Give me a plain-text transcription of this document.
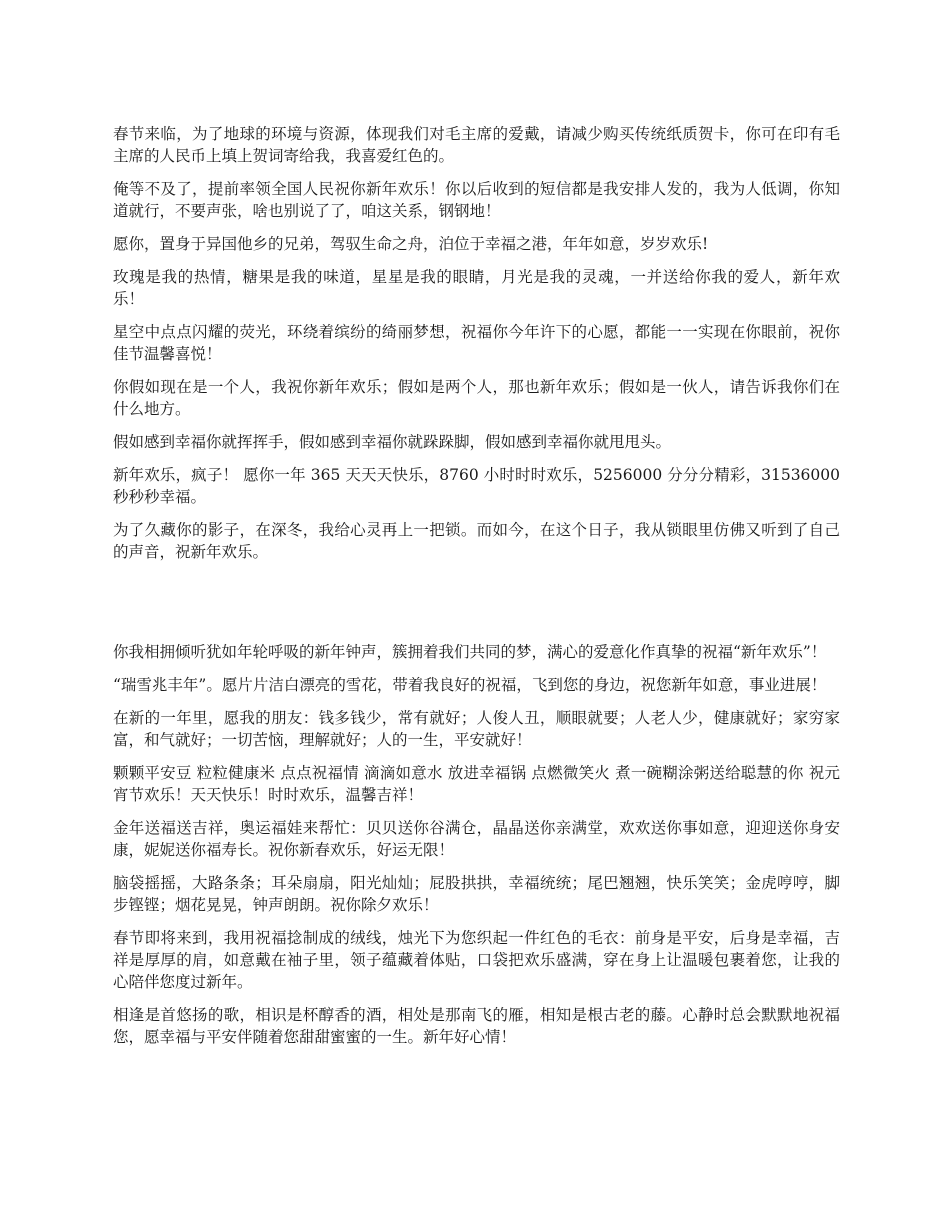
春节来临，为了地球的环境与资源，体现我们对毛主席的爱戴，请减少购买传统纸质贺卡，你可在印有毛主席的人民币上填上贺词寄给我，我喜爱红色的。

俺等不及了，提前率领全国人民祝你新年欢乐！你以后收到的短信都是我安排人发的，我为人低调，你知道就行，不要声张，啥也别说了了，咱这关系，钢钢地！

愿你，置身于异国他乡的兄弟，驾驭生命之舟，泊位于幸福之港，年年如意，岁岁欢乐!

玫瑰是我的热情，糖果是我的味道，星星是我的眼睛，月光是我的灵魂，一并送给你我的爱人，新年欢乐！

星空中点点闪耀的荧光，环绕着缤纷的绮丽梦想，祝福你今年许下的心愿，都能一一实现在你眼前，祝你佳节温馨喜悦！

你假如现在是一个人，我祝你新年欢乐；假如是两个人，那也新年欢乐；假如是一伙人，请告诉我你们在什么地方。

假如感到幸福你就挥挥手，假如感到幸福你就跺跺脚，假如感到幸福你就甩甩头。

新年欢乐，疯子！ 愿你一年 365 天天天快乐，8760 小时时时欢乐，5256000 分分分精彩，31536000 秒秒秒幸福。

为了久藏你的影子，在深冬，我给心灵再上一把锁。而如今，在这个日子，我从锁眼里仿佛又听到了自己的声音，祝新年欢乐。

你我相拥倾听犹如年轮呼吸的新年钟声，簇拥着我们共同的梦，满心的爱意化作真挚的祝福“新年欢乐”！

“瑞雪兆丰年”。愿片片洁白漂亮的雪花，带着我良好的祝福，飞到您的身边，祝您新年如意，事业进展！

在新的一年里，愿我的朋友：钱多钱少，常有就好；人俊人丑，顺眼就要；人老人少，健康就好；家穷家富，和气就好；一切苦恼，理解就好；人的一生，平安就好！

颗颗平安豆 粒粒健康米 点点祝福情 滴滴如意水 放进幸福锅 点燃微笑火 煮一碗糊涂粥送给聪慧的你 祝元宵节欢乐！天天快乐！时时欢乐，温馨吉祥！

金年送福送吉祥，奥运福娃来帮忙：贝贝送你谷满仓，晶晶送你亲满堂，欢欢送你事如意，迎迎送你身安康，妮妮送你福寿长。祝你新春欢乐，好运无限！

脑袋摇摇，大路条条；耳朵扇扇，阳光灿灿；屁股拱拱，幸福统统；尾巴翘翘，快乐笑笑；金虎哼哼，脚步铿铿；烟花晃晃，钟声朗朗。祝你除夕欢乐！

春节即将来到，我用祝福捻制成的绒线，烛光下为您织起一件红色的毛衣：前身是平安，后身是幸福，吉祥是厚厚的肩，如意戴在袖子里，领子蕴藏着体贴，口袋把欢乐盛满，穿在身上让温暖包裹着您，让我的心陪伴您度过新年。

相逢是首悠扬的歌，相识是杯醇香的酒，相处是那南飞的雁，相知是根古老的藤。心静时总会默默地祝福您，愿幸福与平安伴随着您甜甜蜜蜜的一生。新年好心情！
